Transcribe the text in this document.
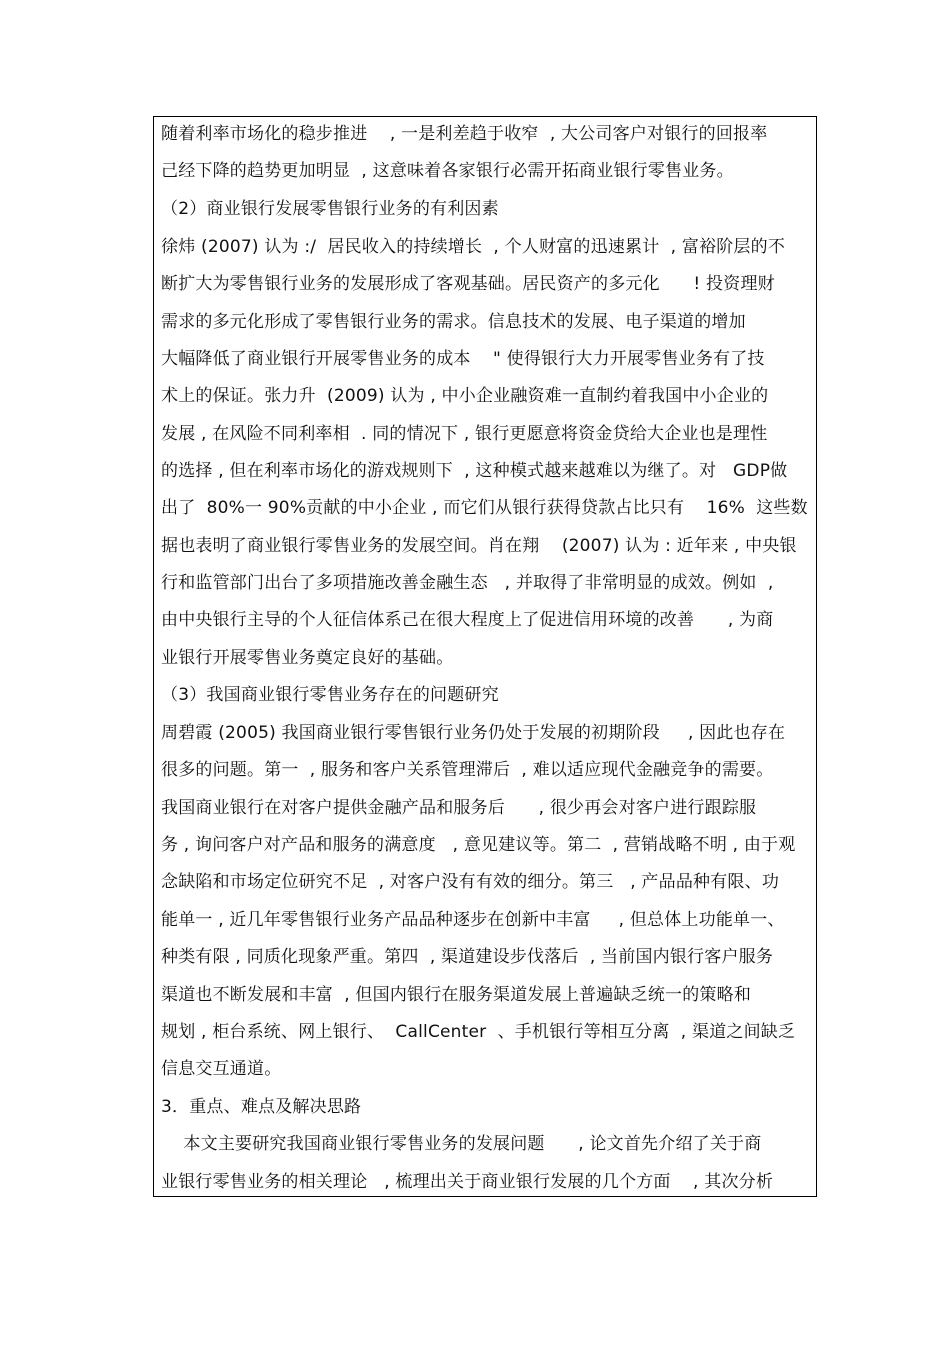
随着利率市场化的稳步推进    , 一是利差趋于收窄  , 大公司客户对银行的回报率
己经下降的趋势更加明显  , 这意味着各家银行必需开拓商业银行零售业务。
（2）商业银行发展零售银行业务的有利因素
徐炜 (2007) 认为 :/  居民收入的持续增长  , 个人财富的迅速累计  , 富裕阶层的不
断扩大为零售银行业务的发展形成了客观基础。居民资产的多元化      ! 投资理财
需求的多元化形成了零售银行业务的需求。信息技术的发展、电子渠道的增加
大幅降低了商业银行开展零售业务的成本    " 使得银行大力开展零售业务有了技
术上的保证。张力升  (2009) 认为 , 中小企业融资难一直制约着我国中小企业的
发展 , 在风险不同利率相  . 同的情况下 , 银行更愿意将资金贷给大企业也是理性
的选择 , 但在利率市场化的游戏规则下  , 这种模式越来越难以为继了。对   GDP做
出了  80%一 90%贡献的中小企业 , 而它们从银行获得贷款占比只有    16%  这些数
据也表明了商业银行零售业务的发展空间。肖在翔    (2007) 认为 : 近年来 , 中央银
行和监管部门出台了多项措施改善金融生态   , 并取得了非常明显的成效。例如  ,
由中央银行主导的个人征信体系己在很大程度上了促进信用环境的改善      , 为商
业银行开展零售业务奠定良好的基础。
（3）我国商业银行零售业务存在的问题研究
周碧霞 (2005) 我国商业银行零售银行业务仍处于发展的初期阶段     , 因此也存在
很多的问题。第一  , 服务和客户关系管理滞后  , 难以适应现代金融竞争的需要。
我国商业银行在对客户提供金融产品和服务后      , 很少再会对客户进行跟踪服
务 , 询问客户对产品和服务的满意度   , 意见建议等。第二  , 营销战略不明 , 由于观
念缺陷和市场定位研究不足  , 对客户没有有效的细分。第三   , 产品品种有限、功
能单一 , 近几年零售银行业务产品品种逐步在创新中丰富     , 但总体上功能单一、
种类有限 , 同质化现象严重。第四  , 渠道建设步伐落后  , 当前国内银行客户服务
渠道也不断发展和丰富  , 但国内银行在服务渠道发展上普遍缺乏统一的策略和
规划 , 柜台系统、网上银行、  CallCenter  、手机银行等相互分离  , 渠道之间缺乏
信息交互通道。
3．重点、难点及解决思路
本文主要研究我国商业银行零售业务的发展问题      , 论文首先介绍了关于商
业银行零售业务的相关理论   , 梳理出关于商业银行发展的几个方面    , 其次分析
